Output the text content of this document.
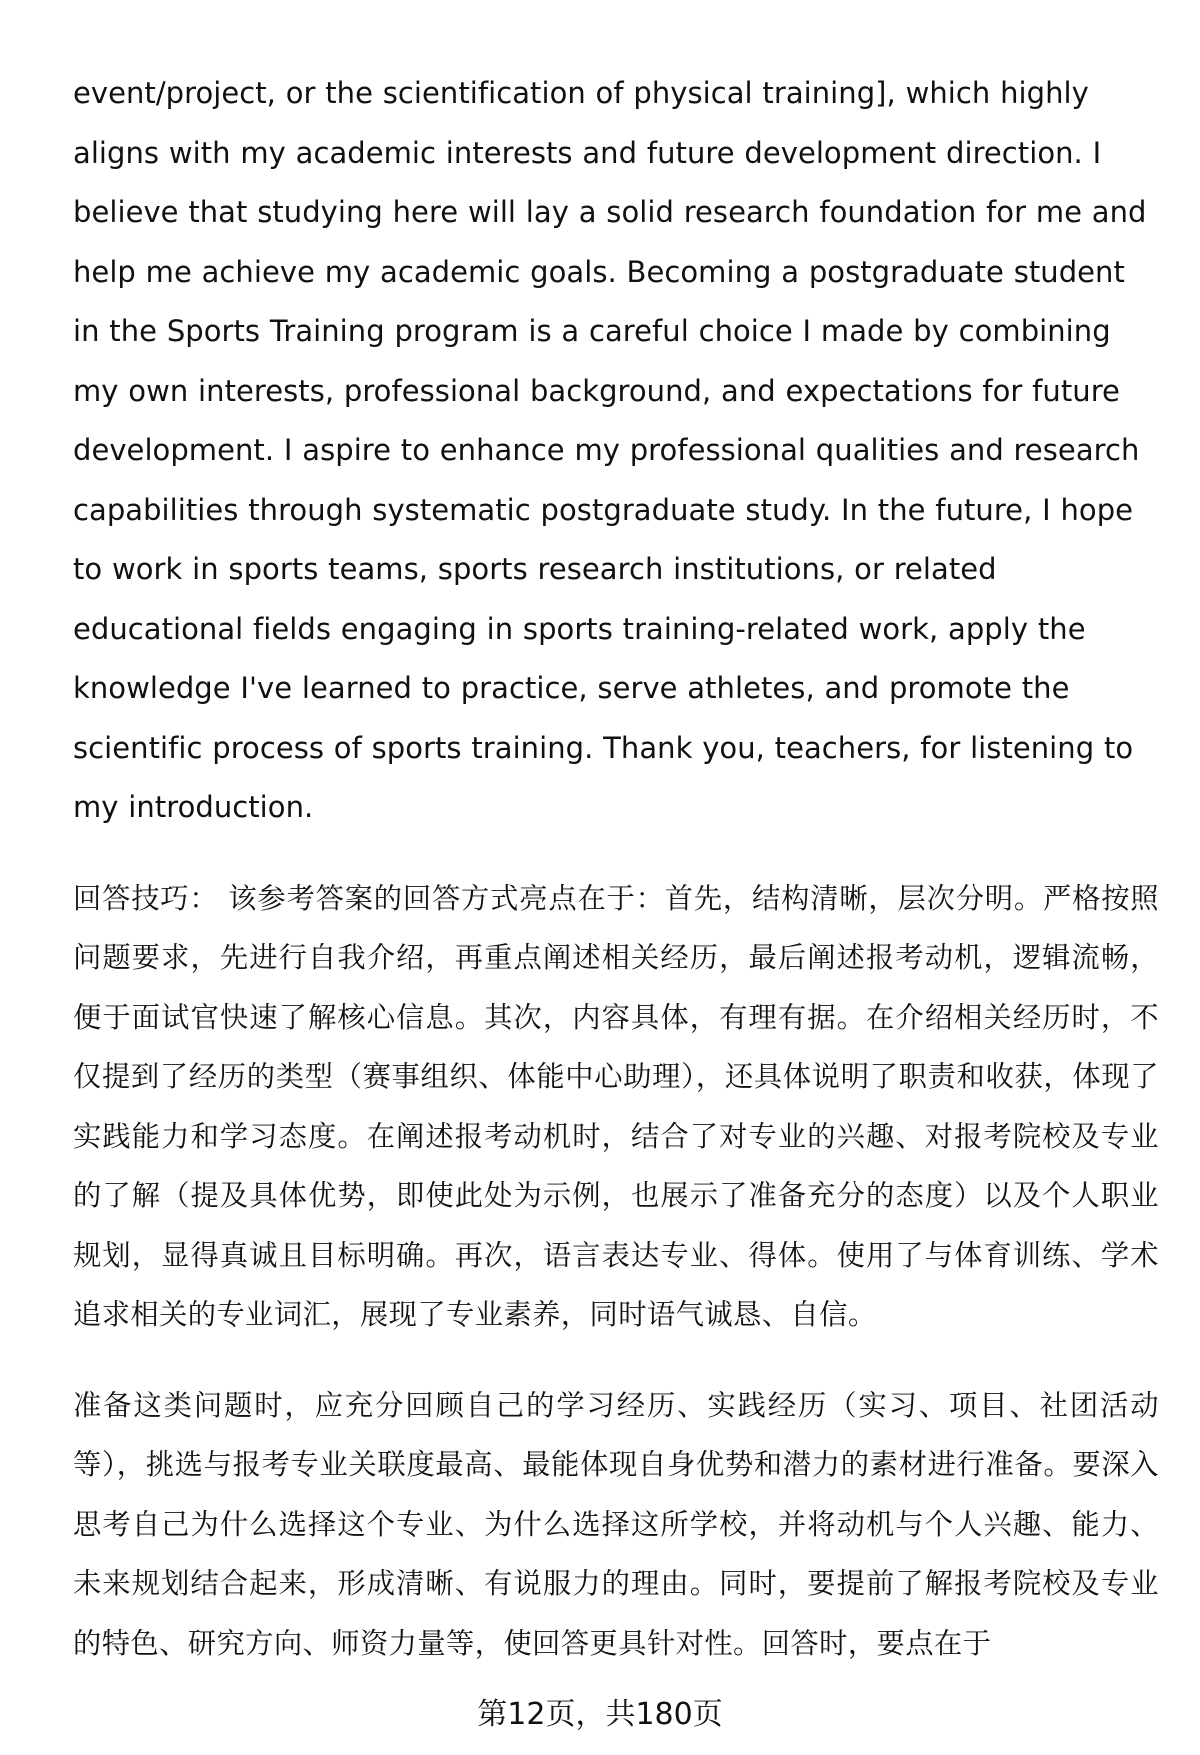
event/project, or the scientification of physical training], which highly aligns with my academic interests and future development direction. I believe that studying here will lay a solid research foundation for me and help me achieve my academic goals. Becoming a postgraduate student in the Sports Training program is a careful choice I made by combining my own interests, professional background, and expectations for future development. I aspire to enhance my professional qualities and research capabilities through systematic postgraduate study. In the future, I hope to work in sports teams, sports research institutions, or related educational fields engaging in sports training-related work, apply the knowledge I've learned to practice, serve athletes, and promote the scientific process of sports training. Thank you, teachers, for listening to my introduction.

回答技巧： 该参考答案的回答方式亮点在于：首先，结构清晰，层次分明。严格按照问题要求，先进行自我介绍，再重点阐述相关经历，最后阐述报考动机，逻辑流畅，便于面试官快速了解核心信息。其次，内容具体，有理有据。在介绍相关经历时，不仅提到了经历的类型（赛事组织、体能中心助理），还具体说明了职责和收获，体现了实践能力和学习态度。在阐述报考动机时，结合了对专业的兴趣、对报考院校及专业的了解（提及具体优势，即使此处为示例，也展示了准备充分的态度）以及个人职业规划，显得真诚且目标明确。再次，语言表达专业、得体。使用了与体育训练、学术追求相关的专业词汇，展现了专业素养，同时语气诚恳、自信。

准备这类问题时，应充分回顾自己的学习经历、实践经历（实习、项目、社团活动等），挑选与报考专业关联度最高、最能体现自身优势和潜力的素材进行准备。要深入思考自己为什么选择这个专业、为什么选择这所学校，并将动机与个人兴趣、能力、未来规划结合起来，形成清晰、有说服力的理由。同时，要提前了解报考院校及专业的特色、研究方向、师资力量等，使回答更具针对性。回答时，要点在于

第12页，共180页
